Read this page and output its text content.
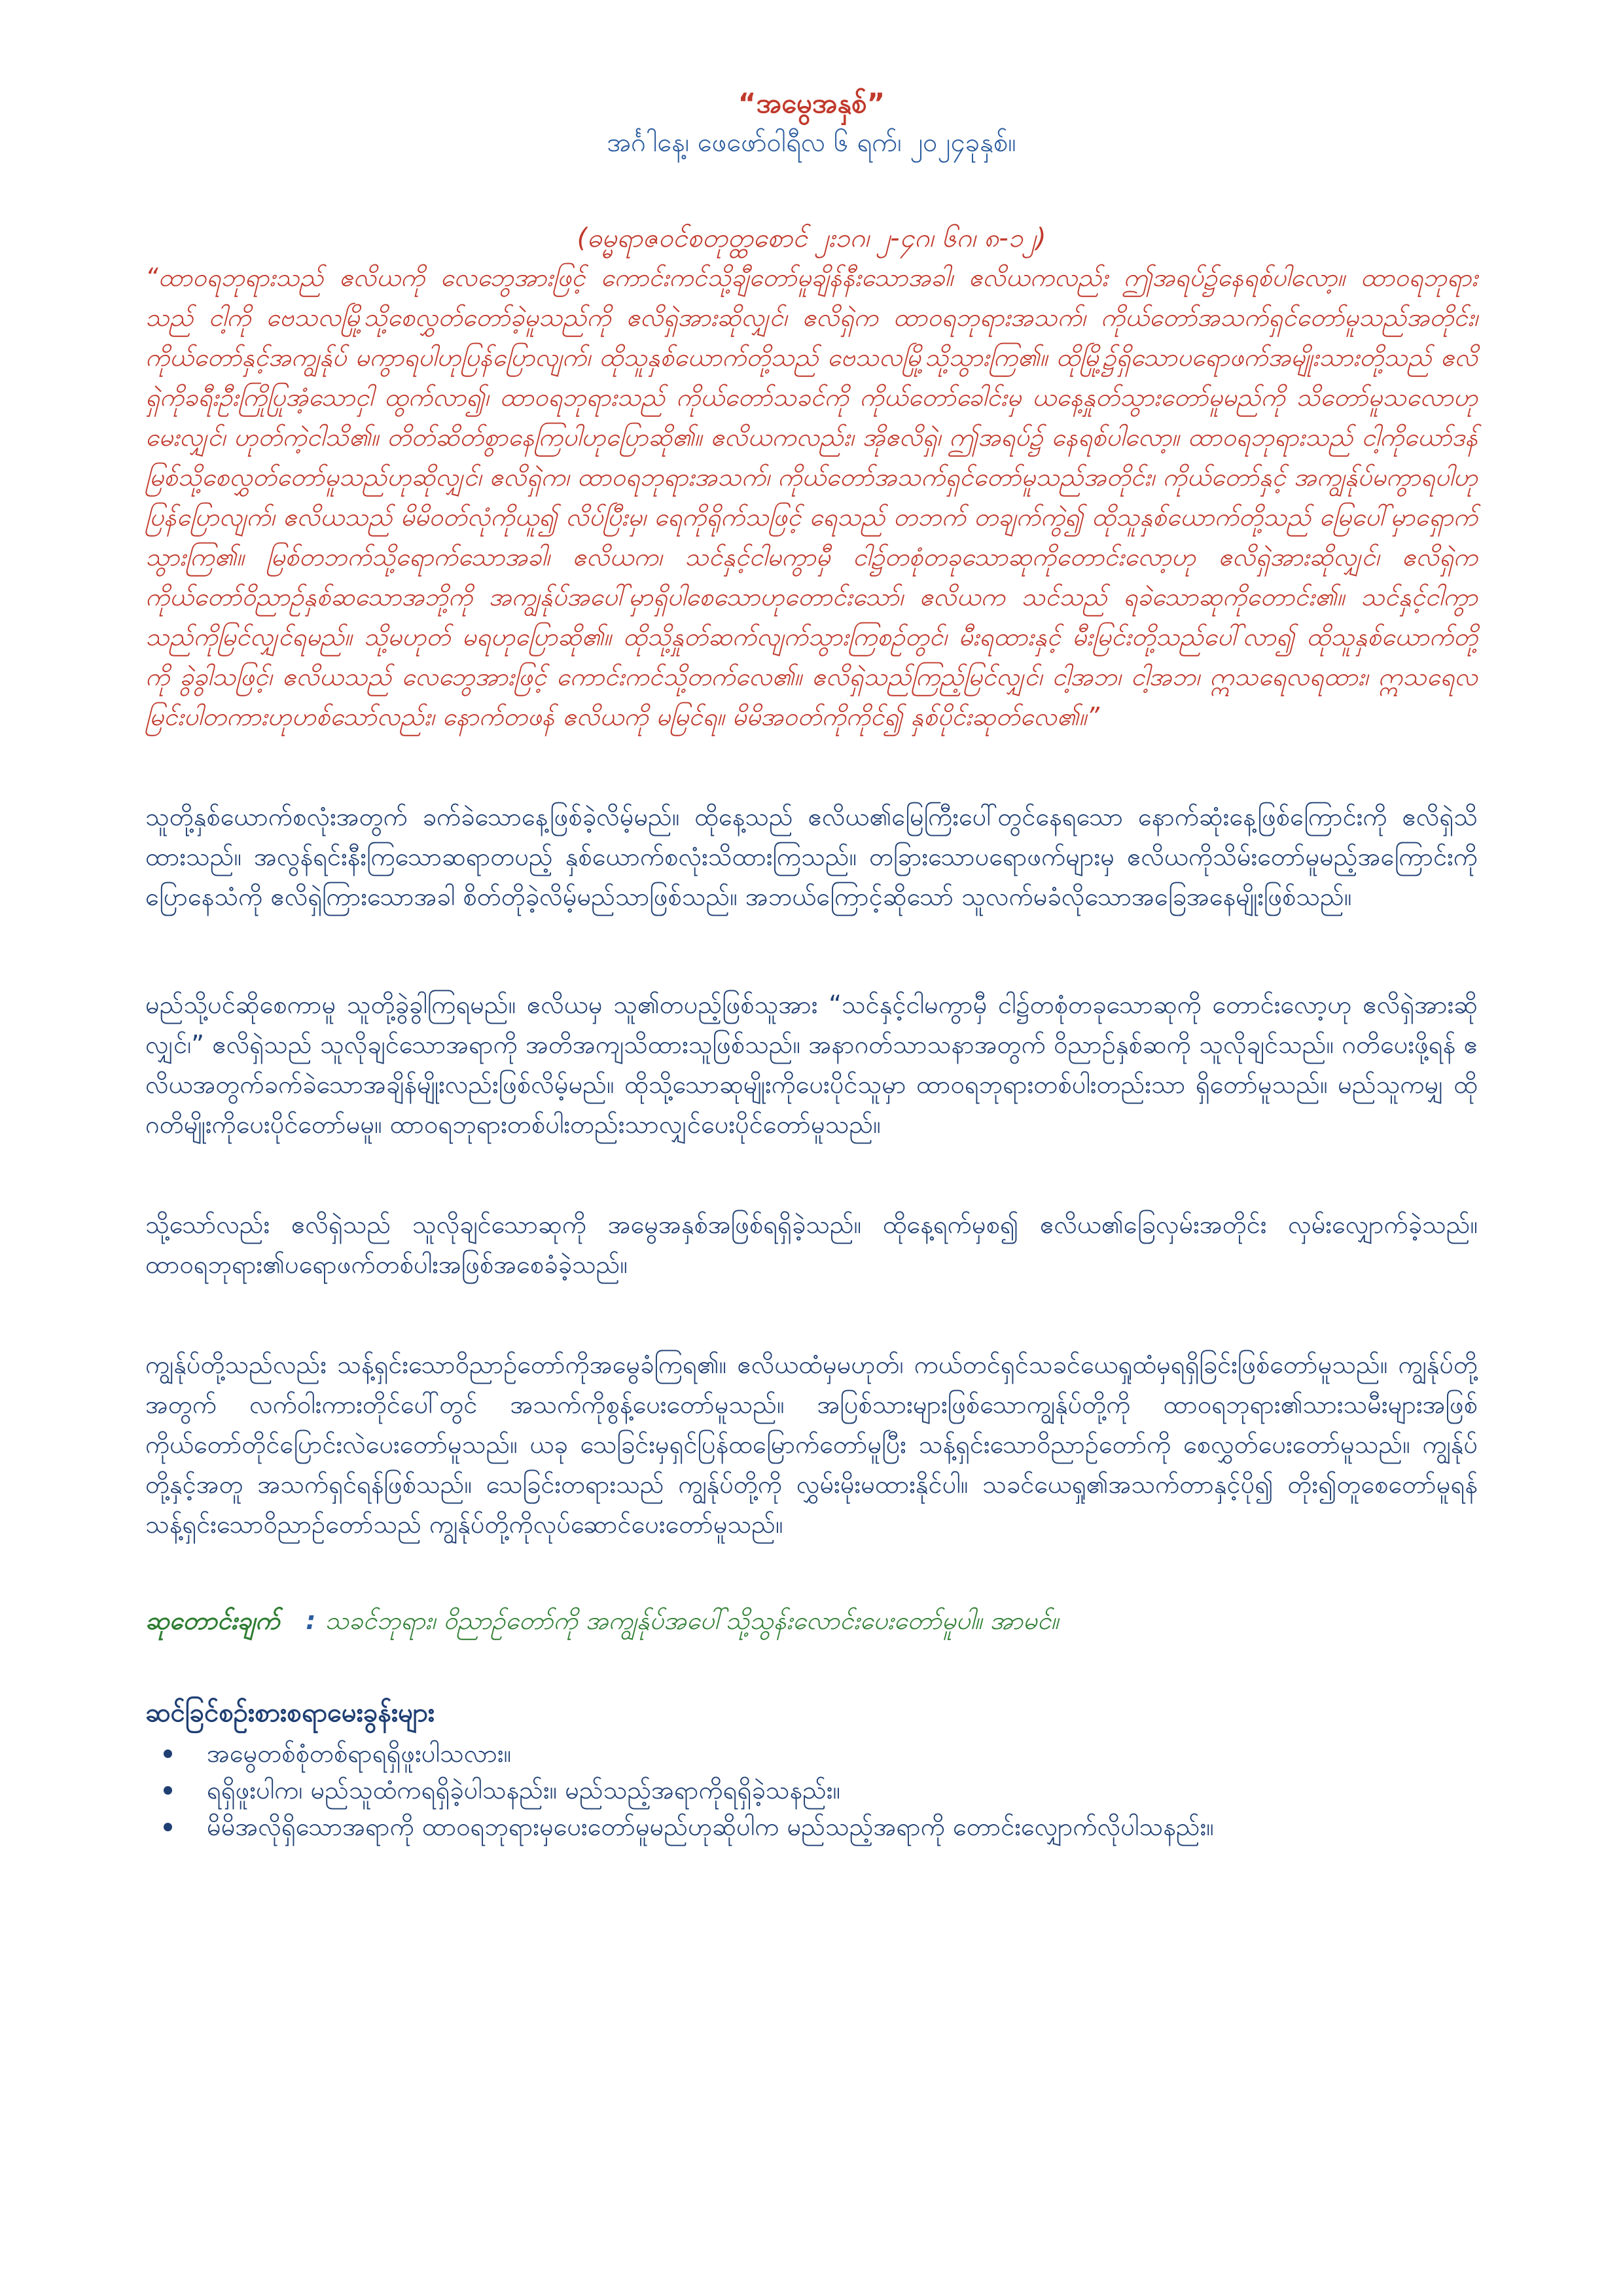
“အမွေအနှစ်”
အင်္ဂါနေ့၊ ဖေဖော်ဝါရီလ ၆ ရက်၊ ၂၀၂၄ခုနှစ်။
(ဓမ္မရာဇဝင်စတုတ္ထစောင် ၂း၁ဂ၊ ၂-၄ဂ၊ ၆ဂ၊ ၈-၁၂)

“ထာဝရဘုရားသည် ဧလိယကို လေဘွေအားဖြင့် ကောင်းကင်သို့ချီတော်မူချိန်နီးသောအခါ၊ ဧလိယကလည်း ဤအရပ်၌နေရစ်ပါလော့။ ထာဝရဘုရားသည် ငါ့ကို ဗေသလမြို့သို့စေလွှတ်တော်ခဲ့မူသည်ကို ဧလိရှဲအားဆိုလျှင်၊ ဧလိရှဲက ထာဝရဘုရားအသက်၊ ကိုယ်တော်အသက်ရှင်တော်မူသည်အတိုင်း၊ ကိုယ်တော်နှင့်အကျွန်ုပ် မကွာရပါဟုပြန်ပြောလျက်၊ ထိုသူနှစ်ယောက်တို့သည် ဗေသလမြို့သို့သွားကြ၏။ ထိုမြို့၌ရှိသောပရောဖက်အမျိုးသားတို့သည် ဧလိရှဲကိုခရီးဦးကြိုပြုအံ့သောငှါ ထွက်လာ၍၊ ထာဝရဘုရားသည် ကိုယ်တော်သခင်ကို ကိုယ်တော်ခေါင်းမှ ယနေ့နှုတ်သွားတော်မူမည်ကို သိတော်မူသလောဟုမေးလျှင်၊ ဟုတ်ကဲ့ငါသိ၏။ တိတ်ဆိတ်စွာနေကြပါဟုပြောဆို၏။ ဧလိယကလည်း၊ အိုဧလိရှဲ၊ ဤအရပ်၌ နေရစ်ပါလော့။ ထာဝရဘုရားသည် ငါ့ကိုယော်ဒန်မြစ်သို့စေလွှတ်တော်မူသည်ဟုဆိုလျှင်၊ ဧလိရှဲက၊ ထာဝရဘုရားအသက်၊ ကိုယ်တော်အသက်ရှင်တော်မူသည်အတိုင်း၊ ကိုယ်တော်နှင့် အကျွန်ုပ်မကွာရပါဟုပြန်ပြောလျက်၊ ဧလိယသည် မိမိဝတ်လုံကိုယူ၍ လိပ်ပြီးမှ၊ ရေကိုရိုက်သဖြင့် ရေသည် တဘက် တချက်ကွဲ၍ ထိုသူနှစ်ယောက်တို့သည် မြေပေါ်မှာရှောက်သွားကြ၏။ မြစ်တဘက်သို့ရောက်သောအခါ၊ ဧလိယက၊ သင်နှင့်ငါမကွာမှီ ငါ၌တစုံတခုသောဆုကိုတောင်းလော့ဟု ဧလိရှဲအားဆိုလျှင်၊ ဧလိရှဲက ကိုယ်တော်ဝိညာဉ်နှစ်ဆသောအဘို့ကို အကျွန်ုပ်အပေါ်မှာရှိပါစေသောဟုတောင်းသော်၊ ဧလိယက သင်သည် ရခဲသောဆုကိုတောင်း၏။ သင်နှင့်ငါကွာသည်ကိုမြင်လျှင်ရမည်။ သို့မဟုတ် မရဟုပြောဆို၏။ ထိုသို့နှုတ်ဆက်လျက်သွားကြစဉ်တွင်၊ မီးရထားနှင့် မီးမြင်းတို့သည်ပေါ်လာ၍ ထိုသူနှစ်ယောက်တို့ကို ခွဲခွါသဖြင့်၊ ဧလိယသည် လေဘွေအားဖြင့် ကောင်းကင်သို့တက်လေ၏။ ဧလိရှဲသည်ကြည့်မြင်လျှင်၊ ငါ့အဘ၊ ငါ့အဘ၊ ဣသရေလရထား၊ ဣသရေလမြင်းပါတကားဟုဟစ်သော်လည်း၊ နောက်တဖန် ဧလိယကို မမြင်ရ။ မိမိအဝတ်ကိုကိုင်၍ နှစ်ပိုင်းဆုတ်လေ၏။”

သူတို့နှစ်ယောက်စလုံးအတွက် ခက်ခဲသောနေ့ဖြစ်ခဲ့လိမ့်မည်။ ထိုနေ့သည် ဧလိယ၏မြေကြီးပေါ်တွင်နေရသော နောက်ဆုံးနေ့ဖြစ်ကြောင်းကို ဧလိရှဲသိထားသည်။ အလွန်ရင်းနီးကြသောဆရာတပည့် နှစ်ယောက်စလုံးသိထားကြသည်။ တခြားသောပရောဖက်များမှ ဧလိယကိုသိမ်းတော်မူမည့်အကြောင်းကို ပြောနေသံကို ဧလိရှဲကြားသောအခါ စိတ်တိုခဲ့လိမ့်မည်သာဖြစ်သည်။ အဘယ်ကြောင့်ဆိုသော် သူလက်မခံလိုသောအခြေအနေမျိုးဖြစ်သည်။

မည်သို့ပင်ဆိုစေကာမူ သူတို့ခွဲခွါကြရမည်။ ဧလိယမှ သူ၏တပည့်ဖြစ်သူအား “သင်နှင့်ငါမကွာမှီ ငါ၌တစုံတခုသောဆုကို တောင်းလော့ဟု ဧလိရှဲအားဆိုလျှင်၊” ဧလိရှဲသည် သူလိုချင်သောအရာကို အတိအကျသိထားသူဖြစ်သည်။ အနာဂတ်သာသနာအတွက် ဝိညာဉ်နှစ်ဆကို သူလိုချင်သည်။ ဂတိပေးဖို့ရန် ဧလိယအတွက်ခက်ခဲသောအချိန်မျိုးလည်းဖြစ်လိမ့်မည်။ ထိုသို့သောဆုမျိုးကိုပေးပိုင်သူမှာ ထာဝရဘုရားတစ်ပါးတည်းသာ ရှိတော်မူသည်။ မည်သူကမျှ ထိုဂတိမျိုးကိုပေးပိုင်တော်မမူ။ ထာဝရဘုရားတစ်ပါးတည်းသာလျှင်ပေးပိုင်တော်မူသည်။

သို့သော်လည်း ဧလိရှဲသည် သူလိုချင်သောဆုကို အမွေအနှစ်အဖြစ်ရရှိခဲ့သည်။ ထိုနေ့ရက်မှစ၍ ဧလိယ၏ခြေလှမ်းအတိုင်း လှမ်းလျှောက်ခဲ့သည်။ ထာဝရဘုရား၏ပရောဖက်တစ်ပါးအဖြစ်အစေခံခဲ့သည်။

ကျွန်ုပ်တို့သည်လည်း သန့်ရှင်းသောဝိညာဉ်တော်ကိုအမွေခံကြရ၏။ ဧလိယထံမှမဟုတ်၊ ကယ်တင်ရှင်သခင်ယေရှုထံမှရရှိခြင်းဖြစ်တော်မူသည်။ ကျွန်ုပ်တို့အတွက် လက်ဝါးကားတိုင်ပေါ်တွင် အသက်ကိုစွန့်ပေးတော်မူသည်။ အပြစ်သားများဖြစ်သောကျွန်ုပ်တို့ကို ထာဝရဘုရား၏သားသမီးများအဖြစ် ကိုယ်တော်တိုင်ပြောင်းလဲပေးတော်မူသည်။ ယခု သေခြင်းမှရှင်ပြန်ထမြောက်တော်မူပြီး သန့်ရှင်းသောဝိညာဉ်တော်ကို စေလွှတ်ပေးတော်မူသည်။ ကျွန်ုပ်တို့နှင့်အတူ အသက်ရှင်ရန်ဖြစ်သည်။ သေခြင်းတရားသည် ကျွန်ုပ်တို့ကို လွှမ်းမိုးမထားနိုင်ပါ။ သခင်ယေရှု၏အသက်တာနှင့်ပို၍ တိုး၍တူစေတော်မူရန် သန့်ရှင်းသောဝိညာဉ်တော်သည် ကျွန်ုပ်တို့ကိုလုပ်ဆောင်ပေးတော်မူသည်။

ဆုတောင်းချက် : သခင်ဘုရား၊ ဝိညာဉ်တော်ကို အကျွန်ုပ်အပေါ်သို့သွန်းလောင်းပေးတော်မူပါ။ အာမင်။
ဆင်ခြင်စဥ်းစားစရာမေးခွန်းများ
အမွေတစ်စုံတစ်ရာရရှိဖူးပါသလား။
ရရှိဖူးပါက၊ မည်သူထံကရရှိခဲ့ပါသနည်း။ မည်သည့်အရာကိုရရှိခဲ့သနည်း။
မိမိအလိုရှိသောအရာကို ထာဝရဘုရားမှပေးတော်မူမည်ဟုဆိုပါက မည်သည့်အရာကို တောင်းလျှောက်လိုပါသနည်း။
